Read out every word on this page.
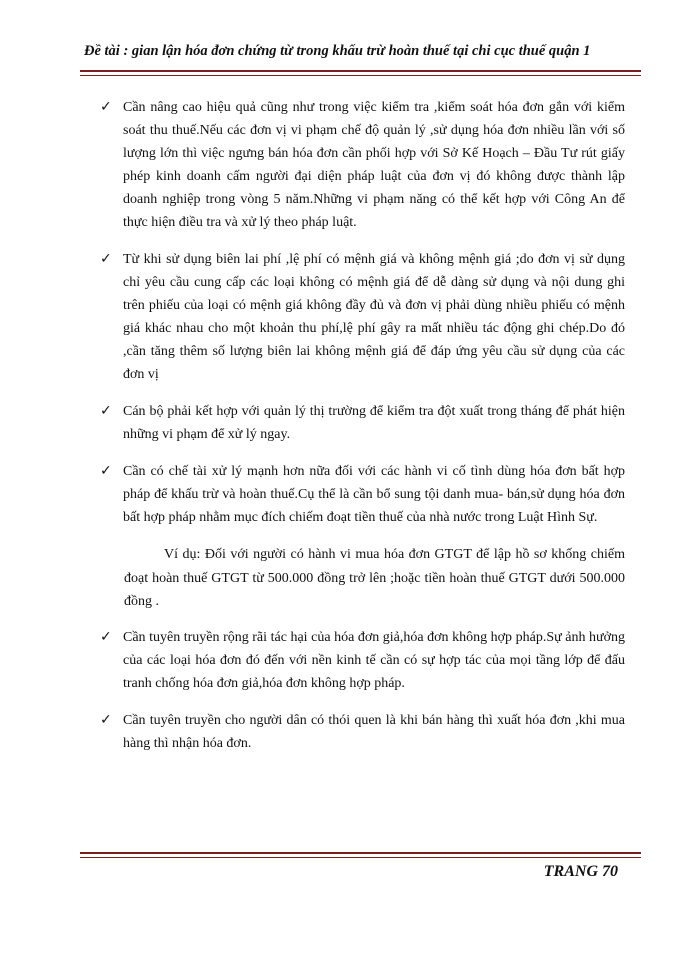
Đề tài : gian lận hóa đơn chứng từ trong khấu trừ hoàn thuế tại chi cục thuế quận 1
✓ Cần nâng cao hiệu quả cũng như trong việc kiểm tra ,kiểm soát hóa đơn gắn với kiểm soát thu thuế.Nếu các đơn vị vi phạm chế độ quản lý ,sử dụng hóa đơn nhiều lần với số lượng lớn thì việc ngưng bán hóa đơn cần phối hợp với Sở Kế Hoạch – Đầu Tư rút giấy phép kinh doanh cấm người đại diện pháp luật của đơn vị đó không được thành lập doanh nghiệp trong vòng 5 năm.Những vi phạm năng có thể kết hợp với Công An để thực hiện điều tra và xử lý theo pháp luật.
✓ Từ khi sử dụng biên lai phí ,lệ phí có mệnh giá và không mệnh giá ;do đơn vị sử dụng chỉ yêu cầu cung cấp các loại không có mệnh giá để dễ dàng sử dụng và nội dung ghi trên phiếu của loại có mệnh giá không đầy đủ và đơn vị phải dùng nhiều phiếu có mệnh giá khác nhau cho một khoản thu phí,lệ phí gây ra mất nhiều tác động ghi chép.Do đó ,cần tăng thêm số lượng biên lai không mệnh giá để đáp ứng yêu cầu sử dụng của các đơn vị
✓ Cán bộ phải kết hợp với quản lý thị trường để kiểm tra đột xuất trong tháng để phát hiện những vi phạm để xử lý ngay.
✓ Cần có chế tài xử lý mạnh hơn nữa đối với các hành vi cố tình dùng hóa đơn bất hợp pháp để khấu trừ và hoàn thuế.Cụ thể là cần bổ sung tội danh mua- bán,sử dụng hóa đơn bất hợp pháp nhằm mục đích chiếm đoạt tiền thuế của nhà nước trong Luật Hình Sự.
Ví dụ: Đối với người có hành vi mua hóa đơn GTGT để lập hồ sơ khống chiếm đoạt hoàn thuế GTGT từ 500.000 đồng trở lên ;hoặc tiền hoàn thuế GTGT dưới 500.000 đồng .
✓ Cần tuyên truyền rộng rãi tác hại của hóa đơn giả,hóa đơn không hợp pháp.Sự ảnh hưởng của các loại hóa đơn đó đến với nền kinh tế cần có sự hợp tác của mọi tầng lớp để đấu tranh chống hóa đơn giả,hóa đơn không hợp pháp.
✓ Cần tuyên truyền cho người dân có thói quen là khi bán hàng thì xuất hóa đơn ,khi mua hàng thì nhận hóa đơn.
TRANG 70
